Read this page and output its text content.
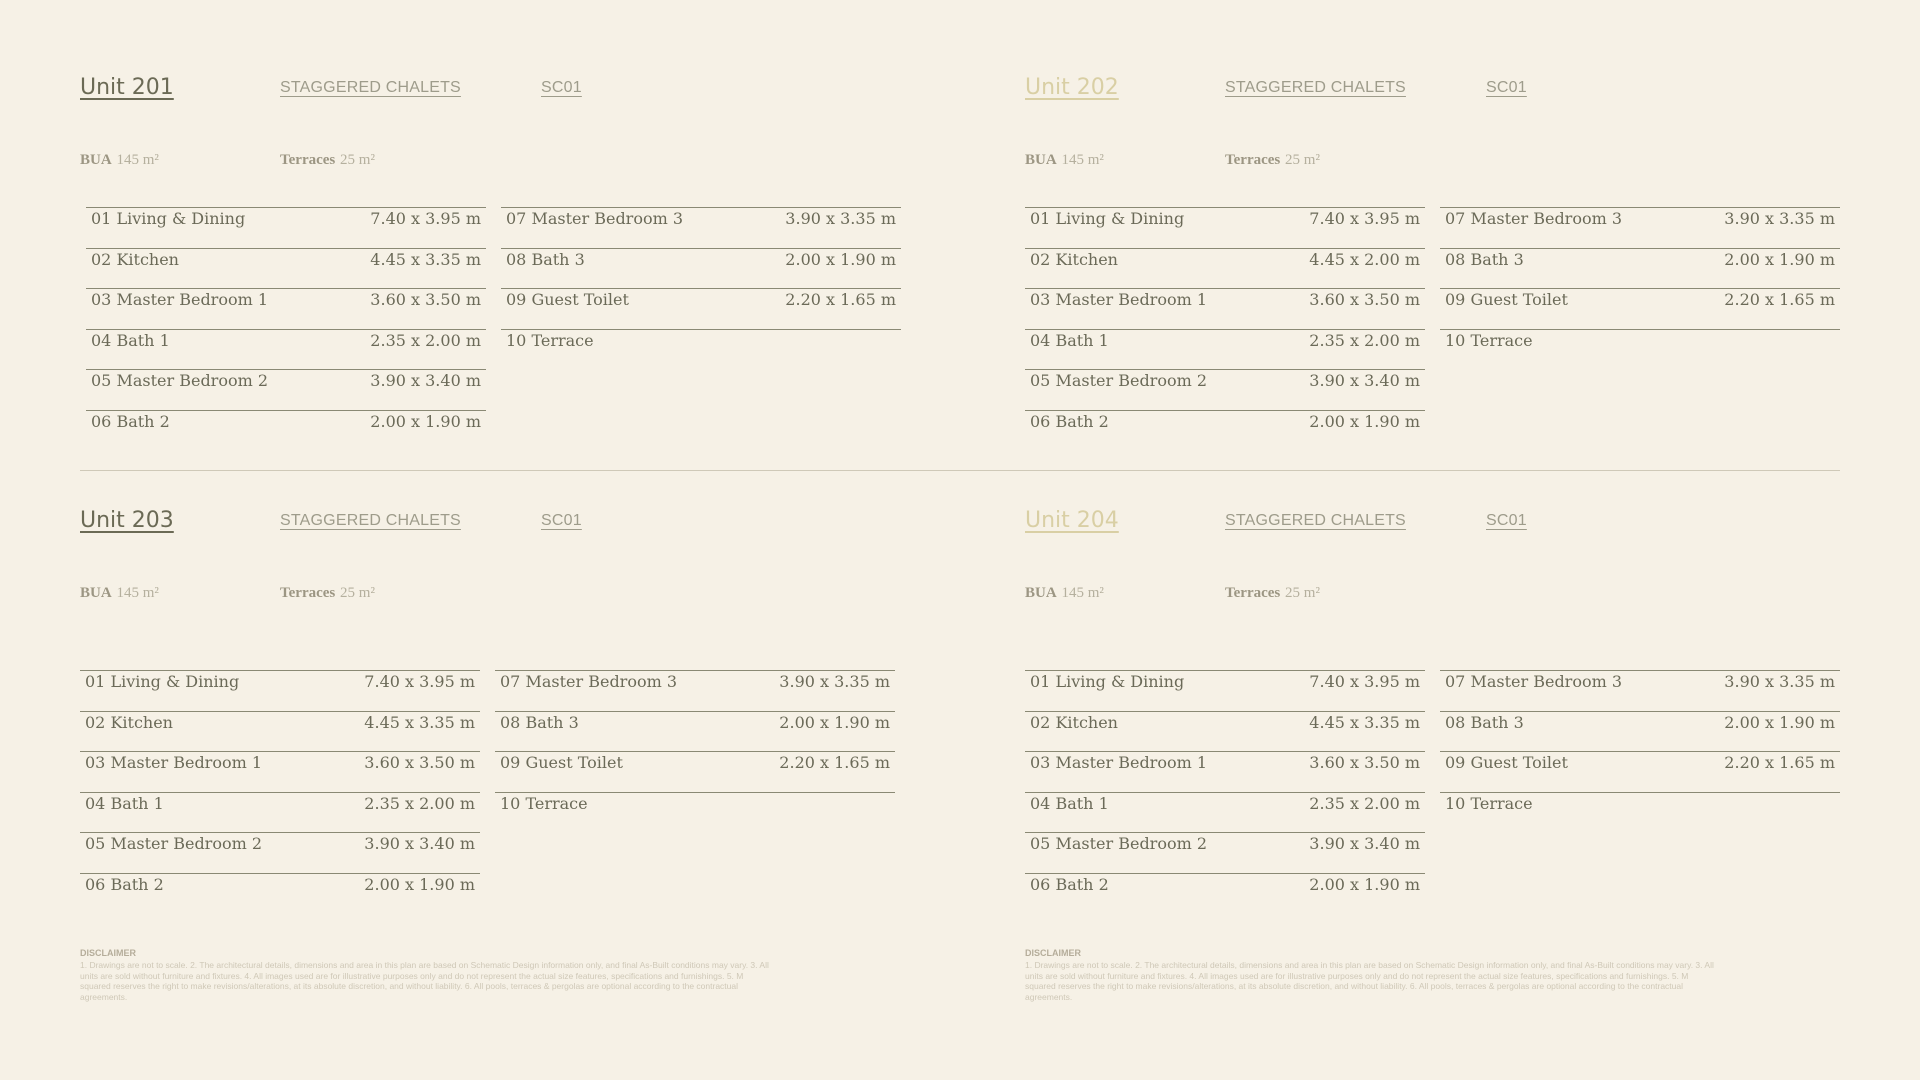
Unit 201	STAGGERED CHALETS	SC01
BUA 145 m²	Terraces 25 m²
01 Living & Dining	7.40 x 3.95 m
02 Kitchen	4.45 x 3.35 m
03 Master Bedroom 1	3.60 x 3.50 m
04 Bath 1	2.35 x 2.00 m
05 Master Bedroom 2	3.90 x 3.40 m
06 Bath 2	2.00 x 1.90 m
07 Master Bedroom 3	3.90 x 3.35 m
08 Bath 3	2.00 x 1.90 m
09 Guest Toilet	2.20 x 1.65 m
10 Terrace
Unit 202	STAGGERED CHALETS	SC01
BUA 145 m²	Terraces 25 m²
01 Living & Dining	7.40 x 3.95 m
02 Kitchen	4.45 x 2.00 m
03 Master Bedroom 1	3.60 x 3.50 m
04 Bath 1	2.35 x 2.00 m
05 Master Bedroom 2	3.90 x 3.40 m
06 Bath 2	2.00 x 1.90 m
07 Master Bedroom 3	3.90 x 3.35 m
08 Bath 3	2.00 x 1.90 m
09 Guest Toilet	2.20 x 1.65 m
10 Terrace
Unit 203	STAGGERED CHALETS	SC01
BUA 145 m²	Terraces 25 m²
01 Living & Dining	7.40 x 3.95 m
02 Kitchen	4.45 x 3.35 m
03 Master Bedroom 1	3.60 x 3.50 m
04 Bath 1	2.35 x 2.00 m
05 Master Bedroom 2	3.90 x 3.40 m
06 Bath 2	2.00 x 1.90 m
07 Master Bedroom 3	3.90 x 3.35 m
08 Bath 3	2.00 x 1.90 m
09 Guest Toilet	2.20 x 1.65 m
10 Terrace
Unit 204	STAGGERED CHALETS	SC01
BUA 145 m²	Terraces 25 m²
01 Living & Dining	7.40 x 3.95 m
02 Kitchen	4.45 x 3.35 m
03 Master Bedroom 1	3.60 x 3.50 m
04 Bath 1	2.35 x 2.00 m
05 Master Bedroom 2	3.90 x 3.40 m
06 Bath 2	2.00 x 1.90 m
07 Master Bedroom 3	3.90 x 3.35 m
08 Bath 3	2.00 x 1.90 m
09 Guest Toilet	2.20 x 1.65 m
10 Terrace
DISCLAIMER
1. Drawings are not to scale. 2. The architectural details, dimensions and area in this plan are based on Schematic Design information only, and final As-Built conditions may vary. 3. All units are sold without furniture and fixtures. 4. All images used are for illustrative purposes only and do not represent the actual size features, specifications and furnishings. 5. M squared reserves the right to make revisions/alterations, at its absolute discretion, and without liability. 6. All pools, terraces & pergolas are optional according to the contractual agreements.
DISCLAIMER
1. Drawings are not to scale. 2. The architectural details, dimensions and area in this plan are based on Schematic Design information only, and final As-Built conditions may vary. 3. All units are sold without furniture and fixtures. 4. All images used are for illustrative purposes only and do not represent the actual size features, specifications and furnishings. 5. M squared reserves the right to make revisions/alterations, at its absolute discretion, and without liability. 6. All pools, terraces & pergolas are optional according to the contractual agreements.
